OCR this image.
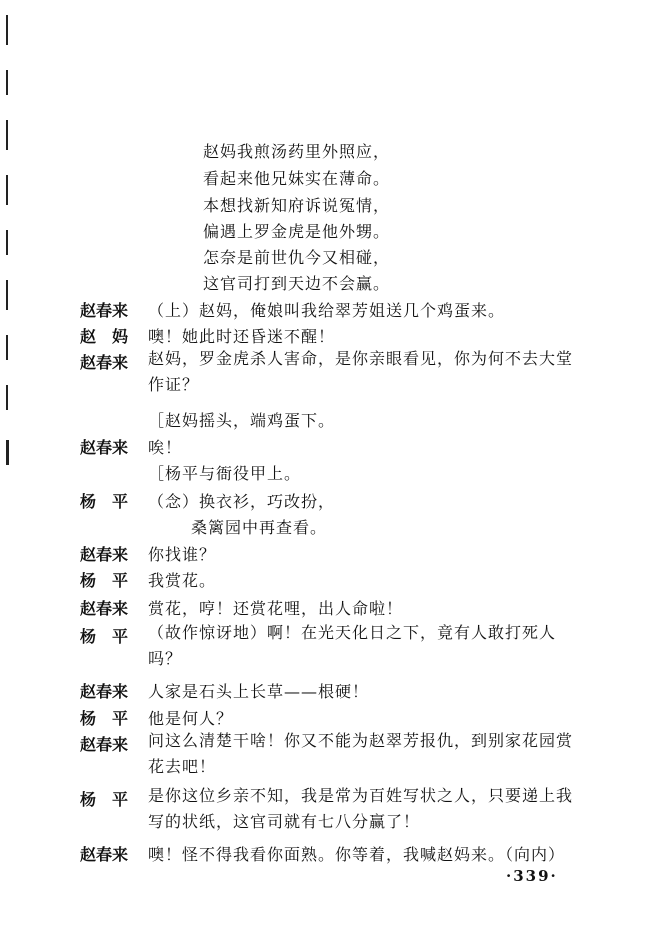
赵妈我煎汤药里外照应，
看起来他兄妹实在薄命。
本想找新知府诉说冤情，
偏遇上罗金虎是他外甥。
怎奈是前世仇今又相碰，
这官司打到天边不会赢。
赵春来 （上）赵妈，俺娘叫我给翠芳姐送几个鸡蛋来。
赵　妈 噢！她此时还昏迷不醒！
赵春来 赵妈，罗金虎杀人害命，是你亲眼看见，你为何不去大堂作证？
［赵妈摇头，端鸡蛋下。
赵春来 唉！
［杨平与衙役甲上。
杨　平 （念）换衣衫，巧改扮，
桑篱园中再查看。
赵春来 你找谁？
杨　平 我赏花。
赵春来 赏花，哼！还赏花哩，出人命啦！
杨　平 （故作惊讶地）啊！在光天化日之下，竟有人敢打死人吗？
赵春来 人家是石头上长草——根硬！
杨　平 他是何人？
赵春来 问这么清楚干啥！你又不能为赵翠芳报仇，到别家花园赏花去吧！
杨　平 是你这位乡亲不知，我是常为百姓写状之人，只要递上我写的状纸，这官司就有七八分赢了！
赵春来 噢！怪不得我看你面熟。你等着，我喊赵妈来。（向内）
·339·
